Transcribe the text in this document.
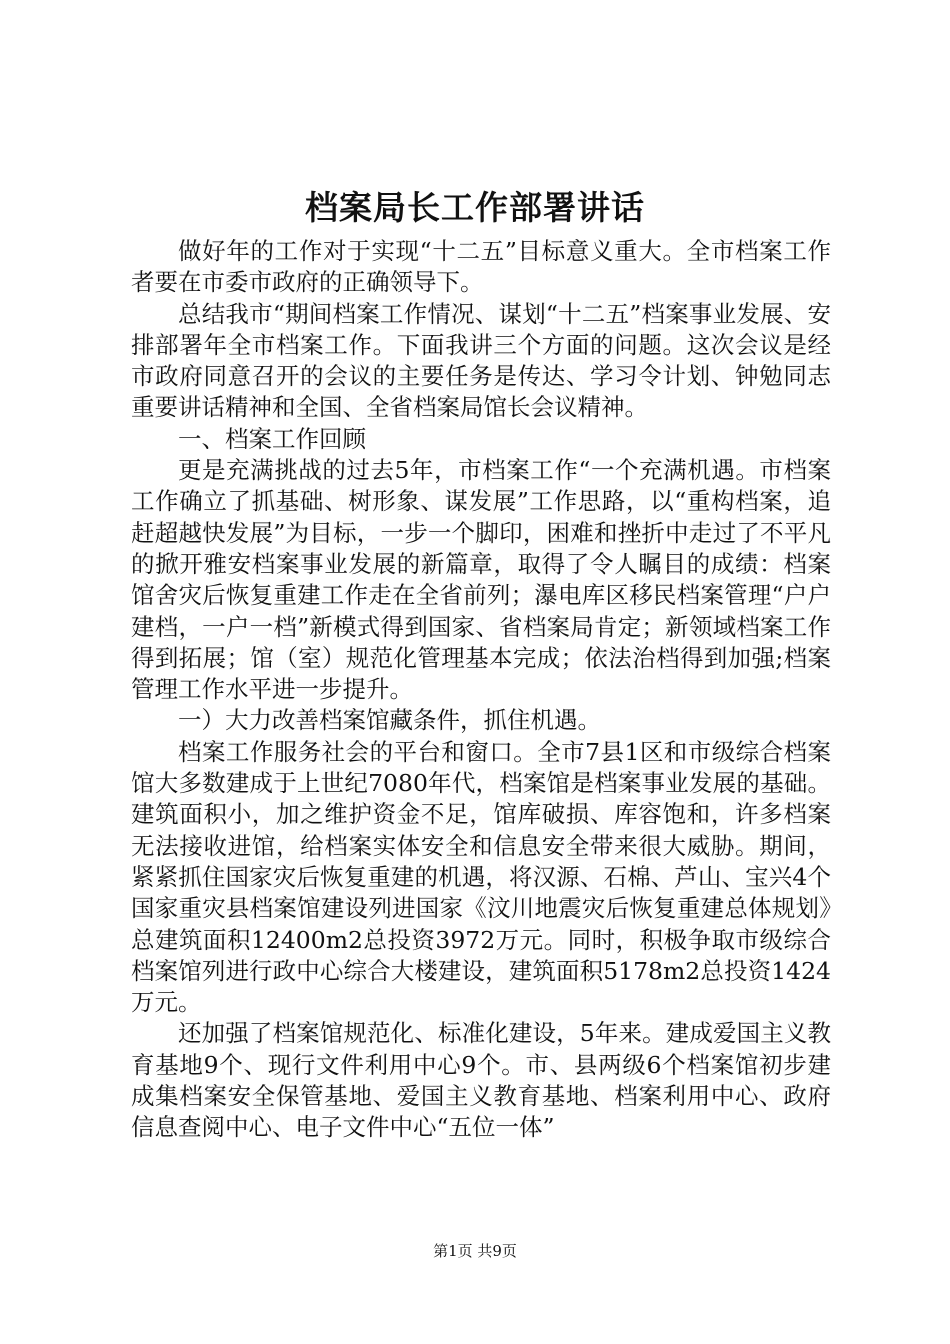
档案局长工作部署讲话

做好年的工作对于实现“十二五”目标意义重大。全市档案工作者要在市委市政府的正确领导下。

总结我市“期间档案工作情况、谋划“十二五”档案事业发展、安排部署年全市档案工作。下面我讲三个方面的问题。这次会议是经市政府同意召开的会议的主要任务是传达、学习令计划、钟勉同志重要讲话精神和全国、全省档案局馆长会议精神。

一、档案工作回顾

更是充满挑战的过去5年，市档案工作“一个充满机遇。市档案工作确立了抓基础、树形象、谋发展”工作思路，以“重构档案，追赶超越快发展”为目标，一步一个脚印，困难和挫折中走过了不平凡的掀开雅安档案事业发展的新篇章，取得了令人瞩目的成绩：档案馆舍灾后恢复重建工作走在全省前列；瀑电库区移民档案管理“户户建档，一户一档”新模式得到国家、省档案局肯定；新领域档案工作得到拓展；馆（室）规范化管理基本完成；依法治档得到加强;档案管理工作水平进一步提升。

一）大力改善档案馆藏条件，抓住机遇。

档案工作服务社会的平台和窗口。全市7县1区和市级综合档案馆大多数建成于上世纪7080年代，档案馆是档案事业发展的基础。建筑面积小，加之维护资金不足，馆库破损、库容饱和，许多档案无法接收进馆，给档案实体安全和信息安全带来很大威胁。期间，紧紧抓住国家灾后恢复重建的机遇，将汉源、石棉、芦山、宝兴4个国家重灾县档案馆建设列进国家《汶川地震灾后恢复重建总体规划》总建筑面积12400m2总投资3972万元。同时，积极争取市级综合档案馆列进行政中心综合大楼建设，建筑面积5178m2总投资1424万元。

还加强了档案馆规范化、标准化建设，5年来。建成爱国主义教育基地9个、现行文件利用中心9个。市、县两级6个档案馆初步建成集档案安全保管基地、爱国主义教育基地、档案利用中心、政府信息查阅中心、电子文件中心“五位一体”

第1页 共9页
